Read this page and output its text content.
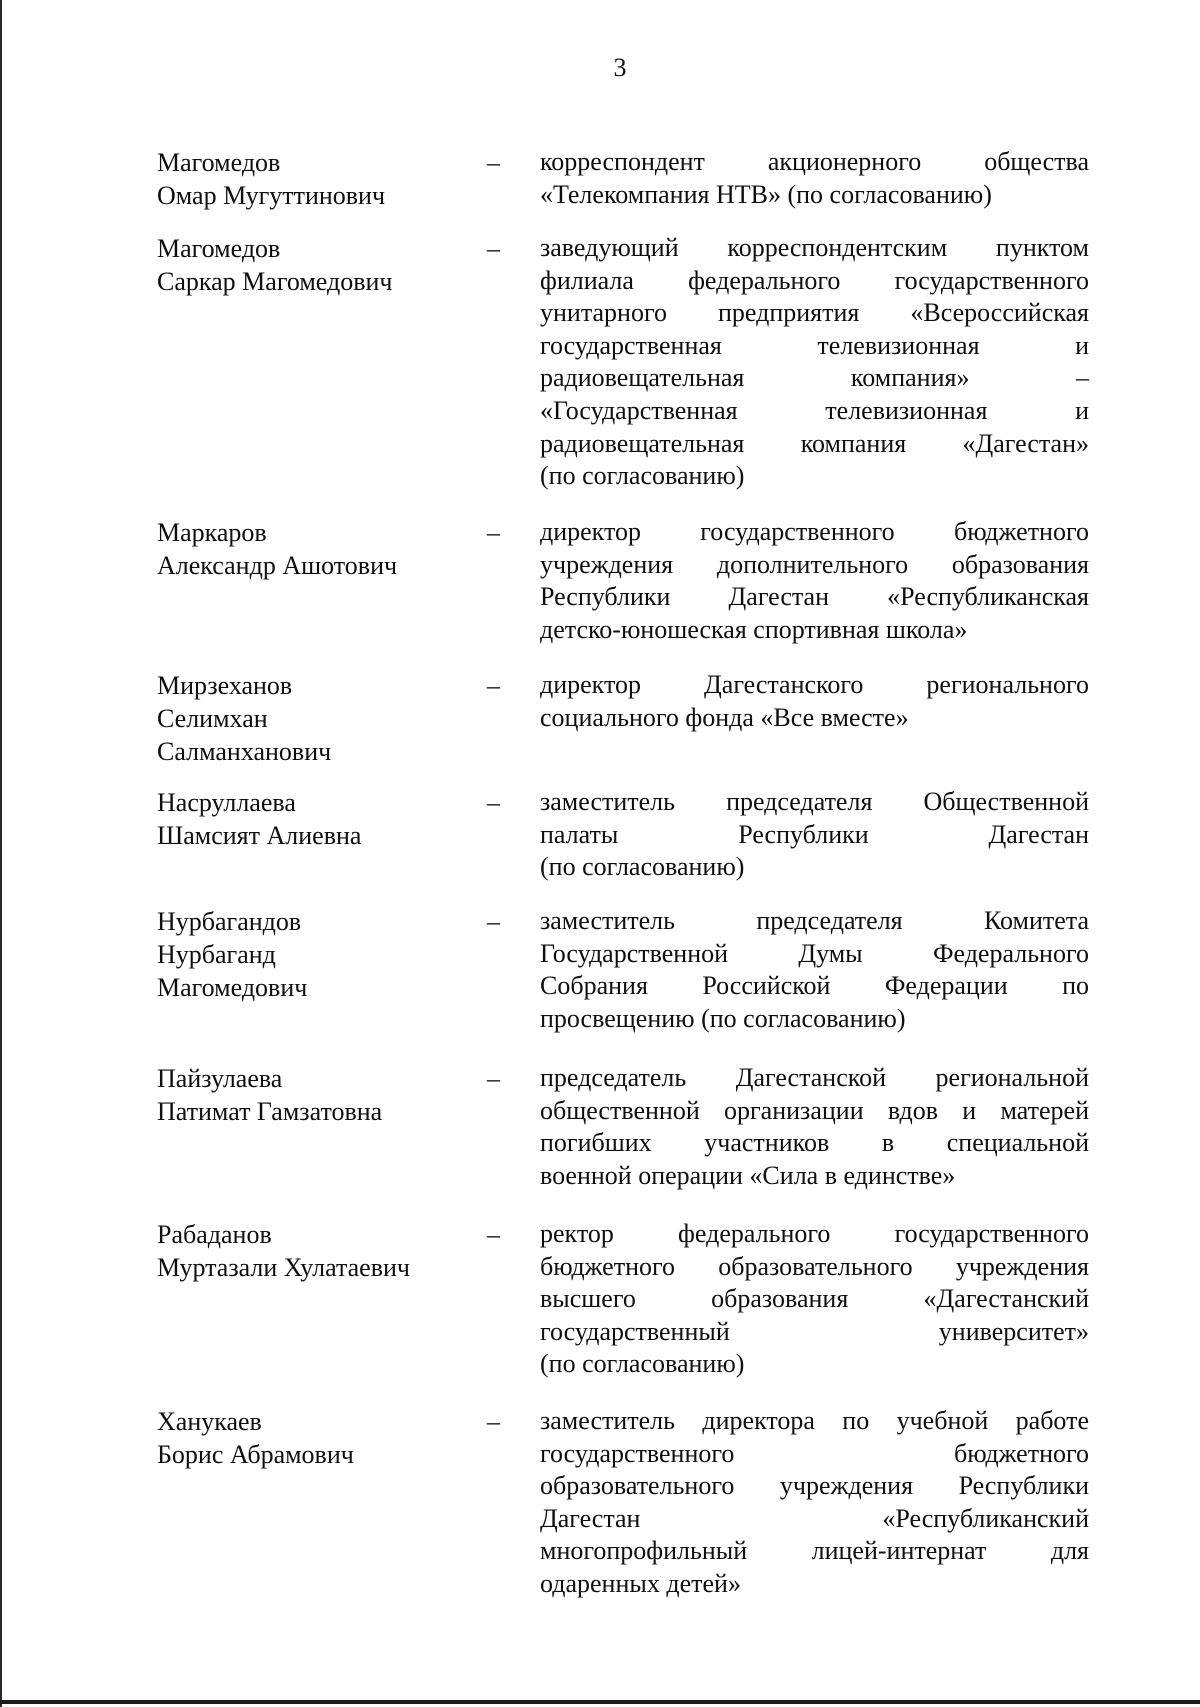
3
Магомедов
Омар Мугуттинович
– корреспондент акционерного общества
«Телекомпания НТВ» (по согласованию)
Магомедов
Саркар Магомедович
– заведующий корреспондентским пунктом
филиала федерального государственного
унитарного предприятия «Всероссийская
государственная телевизионная и
радиовещательная компания» –
«Государственная телевизионная и
радиовещательная компания «Дагестан»
(по согласованию)
Маркаров
Александр Ашотович
– директор государственного бюджетного
учреждения дополнительного образования
Республики Дагестан «Республиканская
детско-юношеская спортивная школа»
Мирзеханов
Селимхан
Салманханович
– директор Дагестанского регионального
социального фонда «Все вместе»
Насруллаева
Шамсият Алиевна
– заместитель председателя Общественной
палаты Республики Дагестан
(по согласованию)
Нурбагандов
Нурбаганд
Магомедович
– заместитель председателя Комитета
Государственной Думы Федерального
Собрания Российской Федерации по
просвещению (по согласованию)
Пайзулаева
Патимат Гамзатовна
– председатель Дагестанской региональной
общественной организации вдов и матерей
погибших участников в специальной
военной операции «Сила в единстве»
Рабаданов
Муртазали Хулатаевич
– ректор федерального государственного
бюджетного образовательного учреждения
высшего образования «Дагестанский
государственный университет»
(по согласованию)
Ханукаев
Борис Абрамович
– заместитель директора по учебной работе
государственного бюджетного
образовательного учреждения Республики
Дагестан «Республиканский
многопрофильный лицей-интернат для
одаренных детей»
